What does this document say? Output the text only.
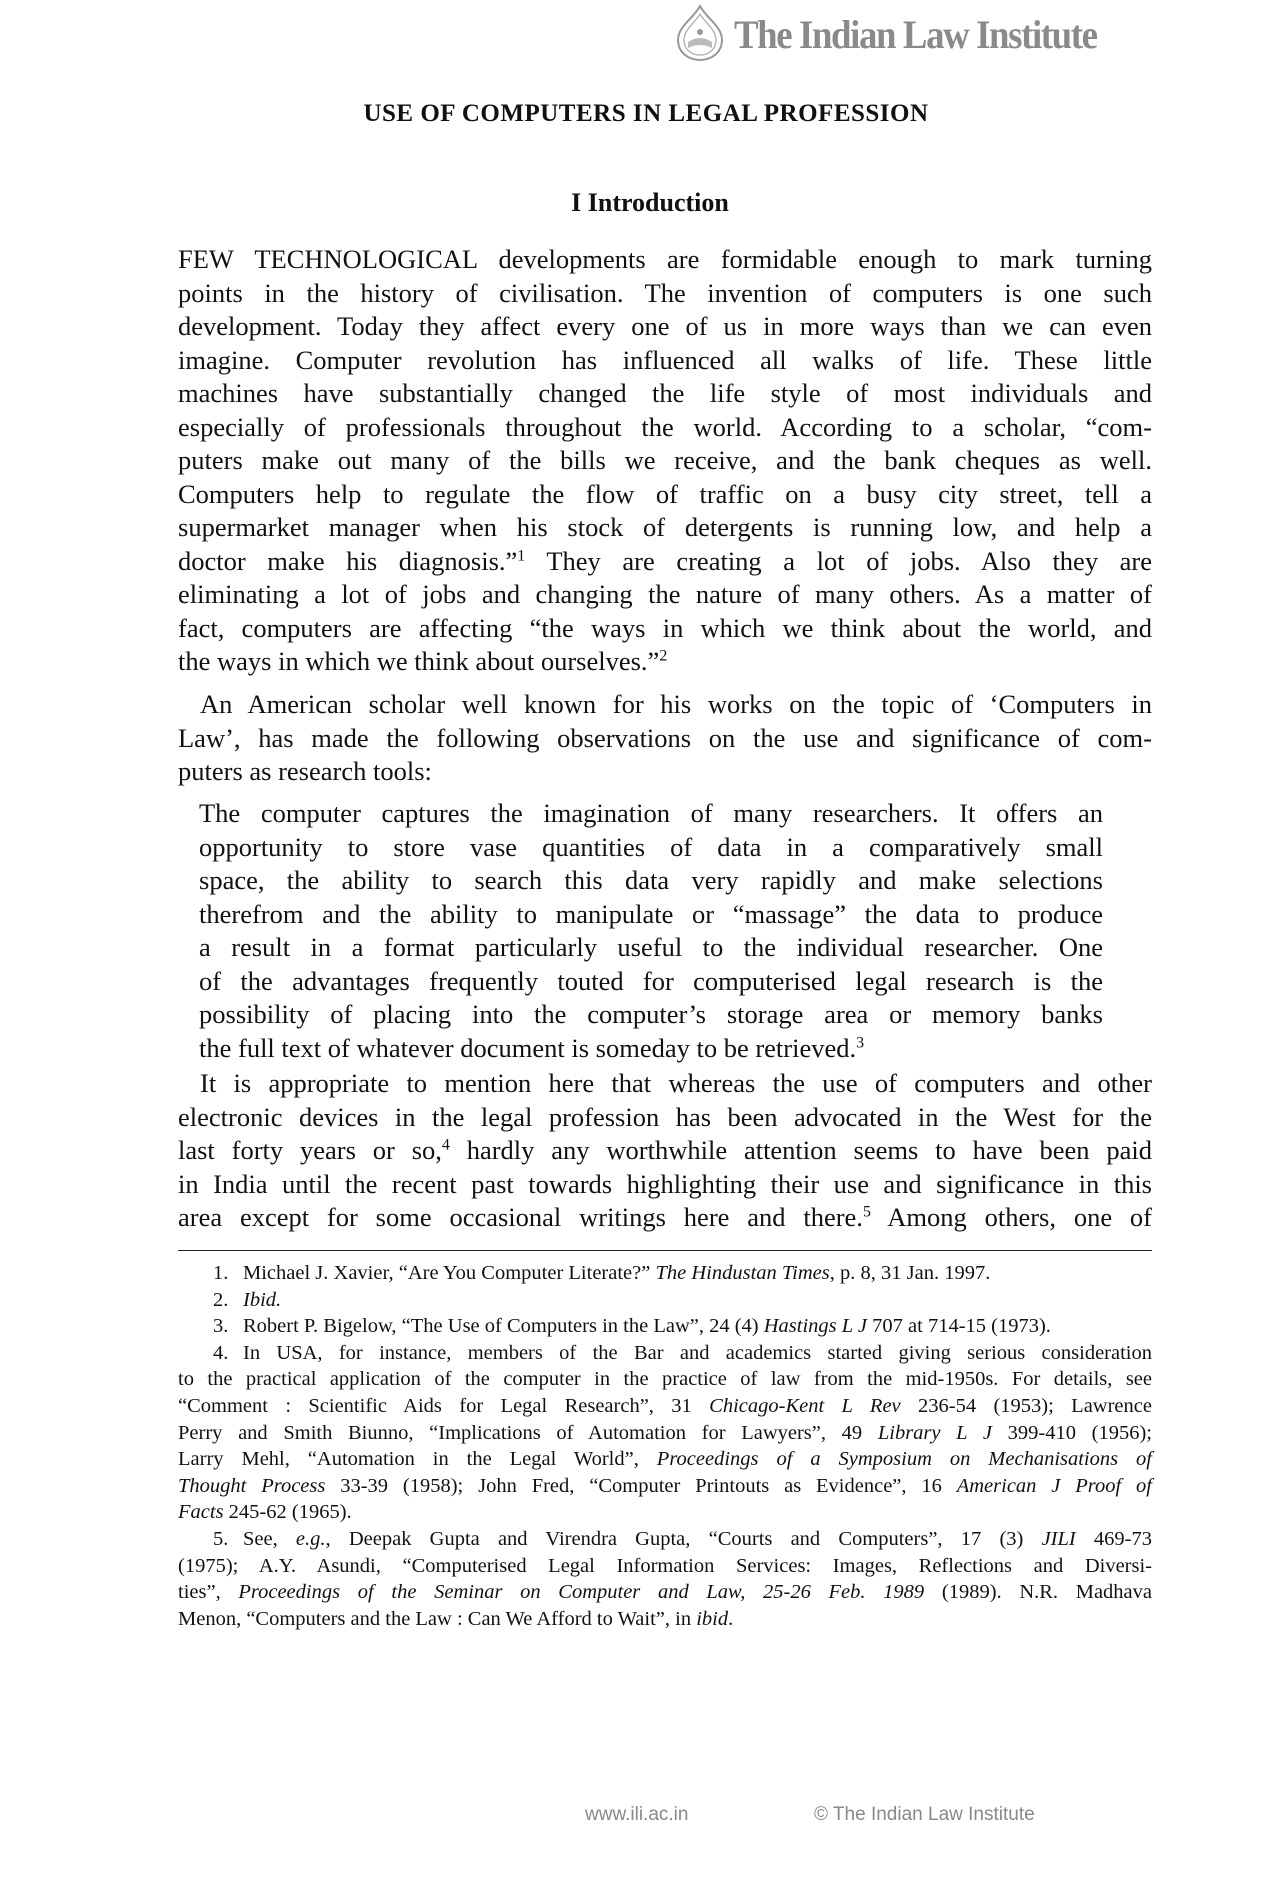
The Indian Law Institute
USE OF COMPUTERS IN LEGAL PROFESSION
I Introduction
FEW TECHNOLOGICAL developments are formidable enough to mark turning
points in the history of civilisation. The invention of computers is one such
development. Today they affect every one of us in more ways than we can even
imagine. Computer revolution has influenced all walks of life. These little
machines have substantially changed the life style of most individuals and
especially of professionals throughout the world. According to a scholar, “com-
puters make out many of the bills we receive, and the bank cheques as well.
Computers help to regulate the flow of traffic on a busy city street, tell a
supermarket manager when his stock of detergents is running low, and help a
doctor make his diagnosis.”$^1$ They are creating a lot of jobs. Also they are
eliminating a lot of jobs and changing the nature of many others. As a matter of
fact, computers are affecting “the ways in which we think about the world, and
the ways in which we think about ourselves.”$^2$
An American scholar well known for his works on the topic of ‘Computers in
Law’, has made the following observations on the use and significance of com-
puters as research tools:
The computer captures the imagination of many researchers. It offers an
opportunity to store vase quantities of data in a comparatively small
space, the ability to search this data very rapidly and make selections
therefrom and the ability to manipulate or “massage” the data to produce
a result in a format particularly useful to the individual researcher. One
of the advantages frequently touted for computerised legal research is the
possibility of placing into the computer’s storage area or memory banks
the full text of whatever document is someday to be retrieved.$^3$
It is appropriate to mention here that whereas the use of computers and other
electronic devices in the legal profession has been advocated in the West for the
last forty years or so,$^4$ hardly any worthwhile attention seems to have been paid
in India until the recent past towards highlighting their use and significance in this
area except for some occasional writings here and there.$^5$ Among others, one of
1. Michael J. Xavier, “Are You Computer Literate?” The Hindustan Times, p. 8, 31 Jan. 1997.
2. Ibid.
3. Robert P. Bigelow, “The Use of Computers in the Law”, 24 (4) Hastings L J 707 at 714-15 (1973).
4. In USA, for instance, members of the Bar and academics started giving serious consideration
to the practical application of the computer in the practice of law from the mid-1950s. For details, see
“Comment : Scientific Aids for Legal Research”, 31 Chicago-Kent L Rev 236-54 (1953); Lawrence
Perry and Smith Biunno, “Implications of Automation for Lawyers”, 49 Library L J 399-410 (1956);
Larry Mehl, “Automation in the Legal World”, Proceedings of a Symposium on Mechanisations of
Thought Process 33-39 (1958); John Fred, “Computer Printouts as Evidence”, 16 American J Proof of
Facts 245-62 (1965).
5. See, e.g., Deepak Gupta and Virendra Gupta, “Courts and Computers”, 17 (3) JILI 469-73
(1975); A.Y. Asundi, “Computerised Legal Information Services: Images, Reflections and Diversi-
ties”, Proceedings of the Seminar on Computer and Law, 25-26 Feb. 1989 (1989). N.R. Madhava
Menon, “Computers and the Law : Can We Afford to Wait”, in ibid.
www.ili.ac.in	© The Indian Law Institute
